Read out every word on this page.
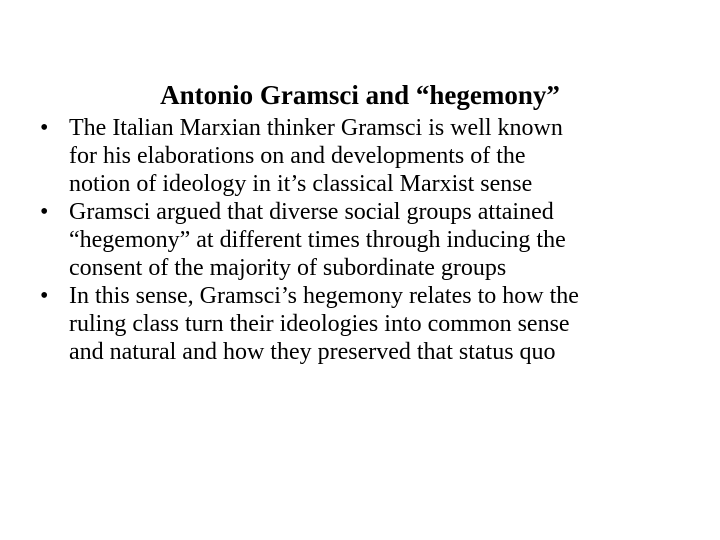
Antonio Gramsci and “hegemony”
• The Italian Marxian thinker Gramsci is well known
for his elaborations on and developments of the
notion of ideology in it’s classical Marxist sense
• Gramsci argued that diverse social groups attained
“hegemony” at different times through inducing the
consent of the majority of subordinate groups
• In this sense, Gramsci’s hegemony relates to how the
ruling class turn their ideologies into common sense
and natural and how they preserved that status quo
